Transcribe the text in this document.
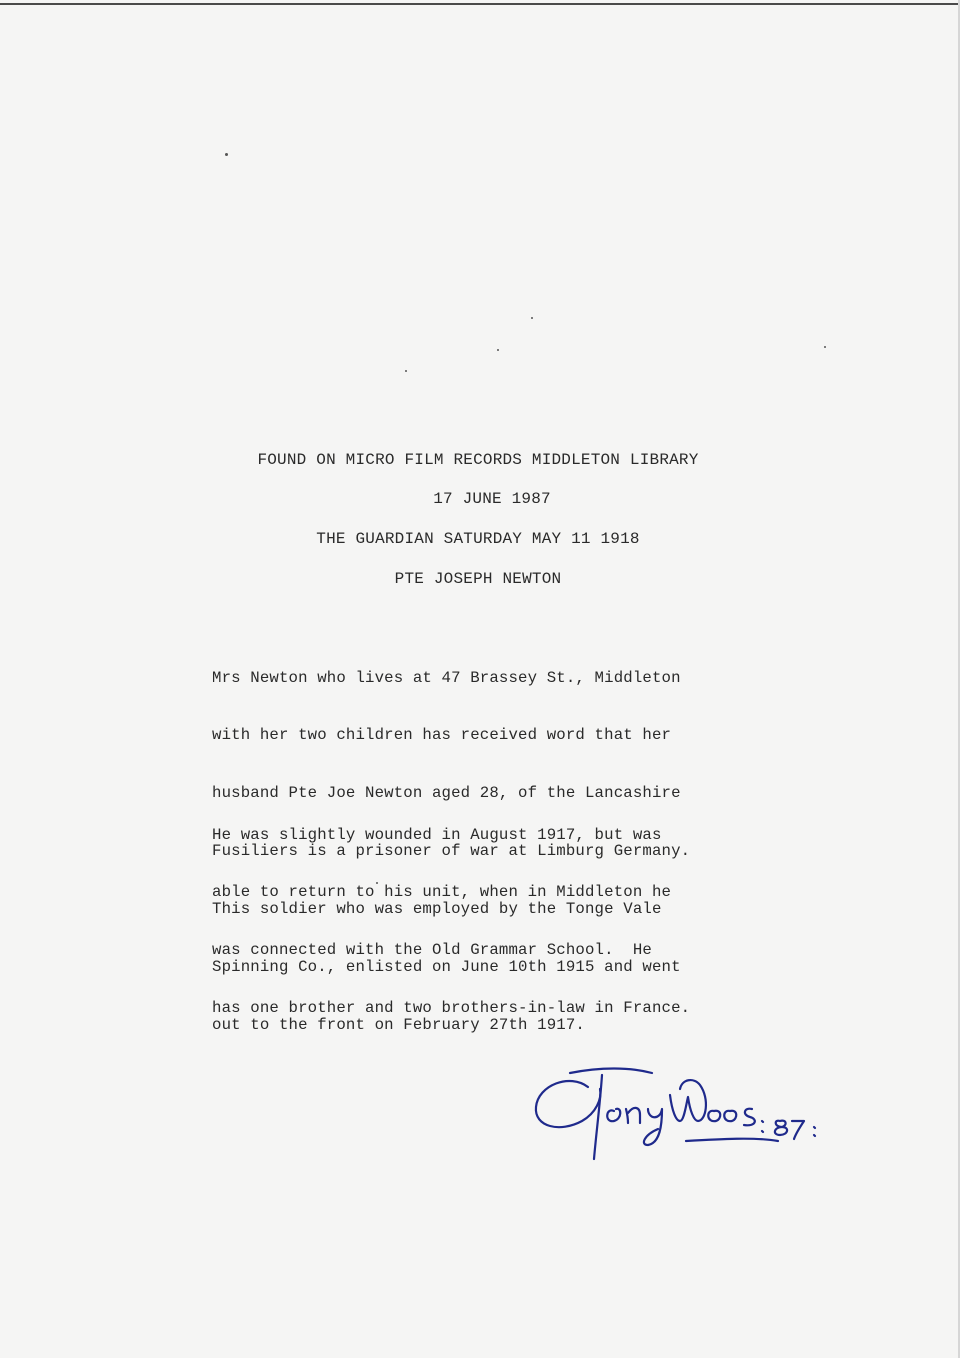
FOUND ON MICRO FILM RECORDS MIDDLETON LIBRARY
17 JUNE 1987
THE GUARDIAN SATURDAY MAY 11 1918
PTE JOSEPH NEWTON

Mrs Newton who lives at 47 Brassey St., Middleton

with her two children has received word that her

husband Pte Joe Newton aged 28, of the Lancashire

Fusiliers is a prisoner of war at Limburg Germany.

This soldier who was employed by the Tonge Vale

Spinning Co., enlisted on June 10th 1915 and went

out to the front on February 27th 1917.

He was slightly wounded in August 1917, but was

able to return to his unit, when in Middleton he

was connected with the Old Grammar School.  He

has one brother and two brothers-in-law in France.
